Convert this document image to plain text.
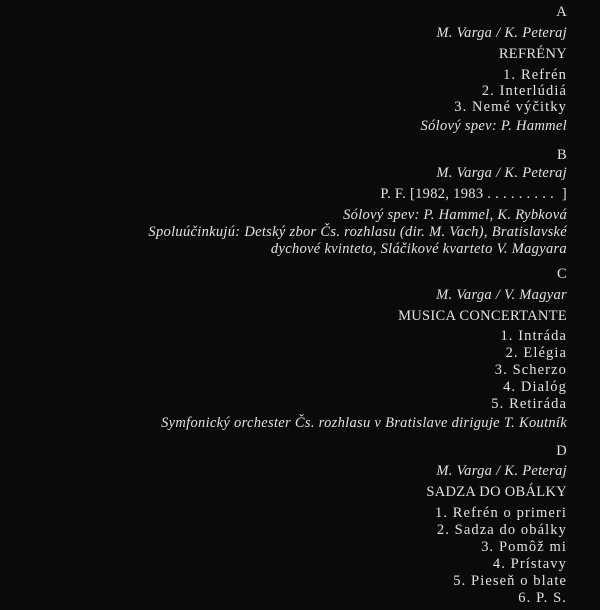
A
M. Varga / K. Peteraj
REFRÉNY
1. Refrén
2. Interlúdiá
3. Nemé výčitky
Sólový spev: P. Hammel
B
M. Varga / K. Peteraj
P. F. [1982, 1983 . . . . . . . . .  ]
Sólový spev: P. Hammel, K. Rybková
Spoluúčinkujú: Detský zbor Čs. rozhlasu (dir. M. Vach), Bratislavské
dychové kvinteto, Sláčikové kvarteto V. Magyara
C
M. Varga / V. Magyar
MUSICA CONCERTANTE
1. Intráda
2. Elégia
3. Scherzo
4. Dialóg
5. Retiráda
Symfonický orchester Čs. rozhlasu v Bratislave diriguje T. Koutník
D
M. Varga / K. Peteraj
SADZA DO OBÁLKY
1. Refrén o primeri
2. Sadza do obálky
3. Pomôž mi
4. Prístavy
5. Pieseň o blate
6. P. S.
